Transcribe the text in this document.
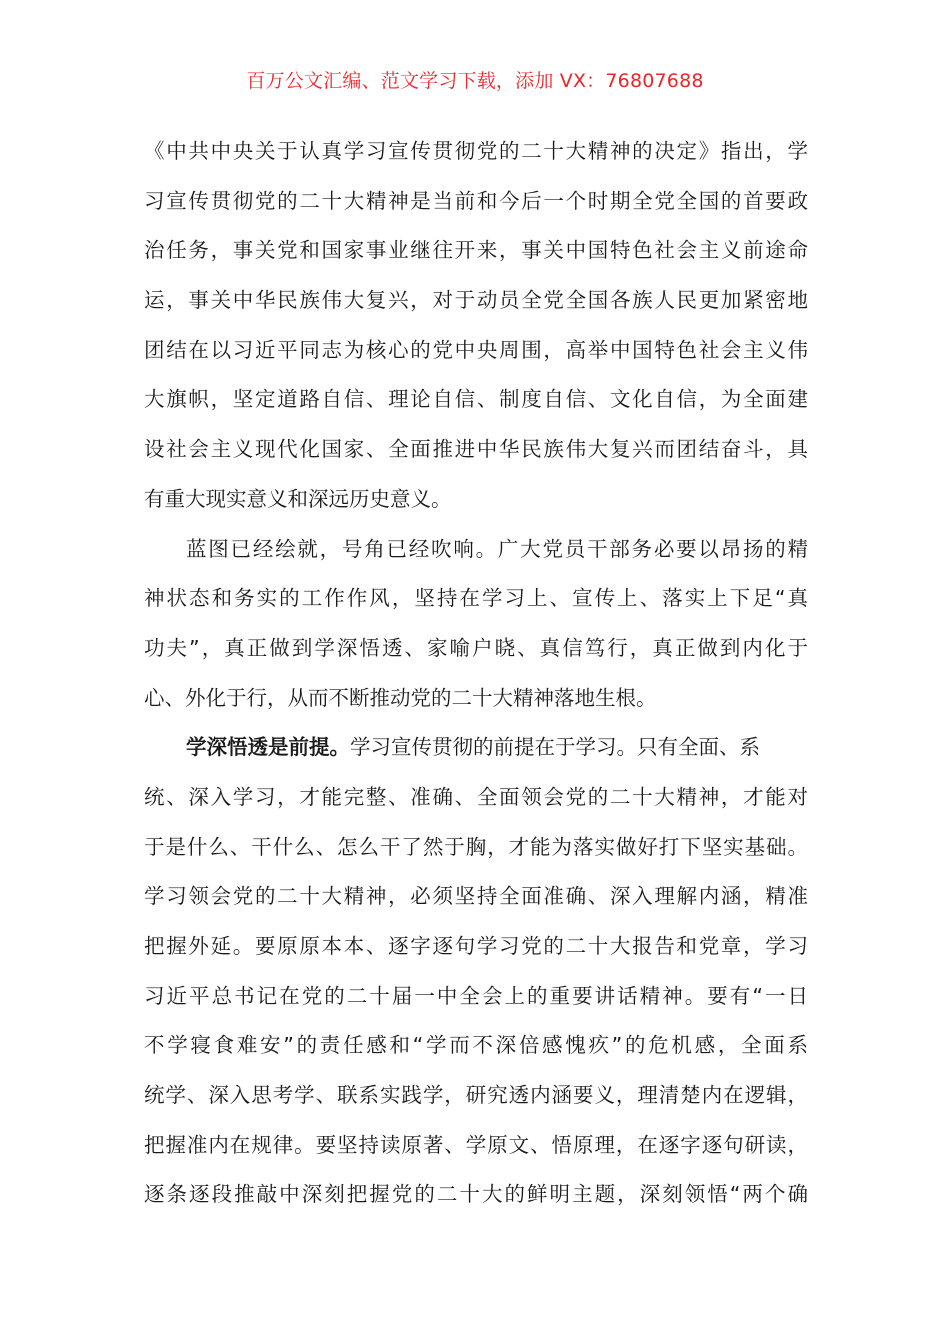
百万公文汇编、范文学习下载，添加 VX：76807688
《中共中央关于认真学习宣传贯彻党的二十大精神的决定》指出，学
习宣传贯彻党的二十大精神是当前和今后一个时期全党全国的首要政
治任务，事关党和国家事业继往开来，事关中国特色社会主义前途命
运，事关中华民族伟大复兴，对于动员全党全国各族人民更加紧密地
团结在以习近平同志为核心的党中央周围，高举中国特色社会主义伟
大旗帜，坚定道路自信、理论自信、制度自信、文化自信，为全面建
设社会主义现代化国家、全面推进中华民族伟大复兴而团结奋斗，具
有重大现实意义和深远历史意义。
蓝图已经绘就，号角已经吹响。广大党员干部务必要以昂扬的精
神状态和务实的工作作风，坚持在学习上、宣传上、落实上下足“真
功夫”，真正做到学深悟透、家喻户晓、真信笃行，真正做到内化于
心、外化于行，从而不断推动党的二十大精神落地生根。
学深悟透是前提。学习宣传贯彻的前提在于学习。只有全面、系
统、深入学习，才能完整、准确、全面领会党的二十大精神，才能对
于是什么、干什么、怎么干了然于胸，才能为落实做好打下坚实基础。
学习领会党的二十大精神，必须坚持全面准确、深入理解内涵，精准
把握外延。要原原本本、逐字逐句学习党的二十大报告和党章，学习
习近平总书记在党的二十届一中全会上的重要讲话精神。要有“一日
不学寝食难安”的责任感和“学而不深倍感愧疚”的危机感，全面系
统学、深入思考学、联系实践学，研究透内涵要义，理清楚内在逻辑，
把握准内在规律。要坚持读原著、学原文、悟原理，在逐字逐句研读，
逐条逐段推敲中深刻把握党的二十大的鲜明主题，深刻领悟“两个确
